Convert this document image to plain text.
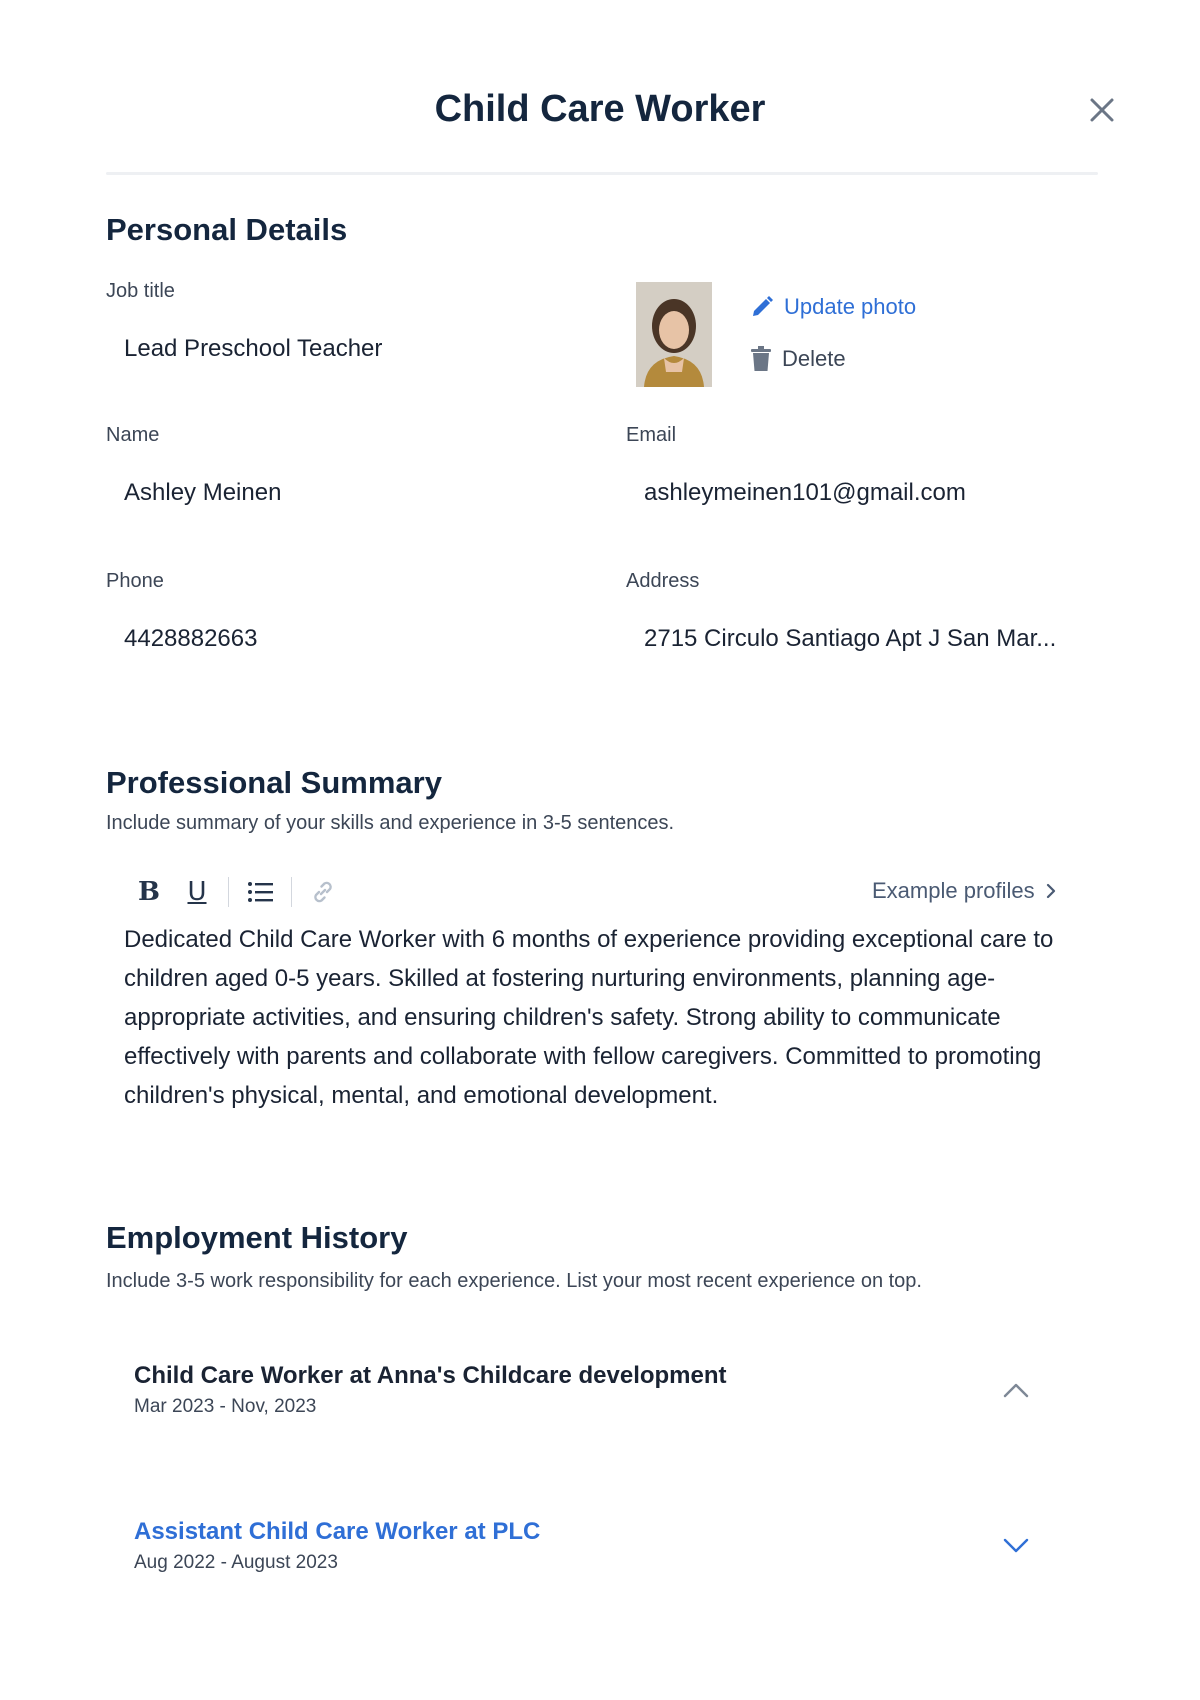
Child Care Worker
Personal Details
Job title
Lead Preschool Teacher
Update photo
Delete
Name
Ashley Meinen
Email
ashleymeinen101@gmail.com
Phone
4428882663
Address
2715 Circulo Santiago Apt J San Mar...
Professional Summary
Include summary of your skills and experience in 3-5 sentences.
B U	Example profiles
Dedicated Child Care Worker with 6 months of experience providing exceptional care to children aged 0-5 years. Skilled at fostering nurturing environments, planning age-appropriate activities, and ensuring children's safety. Strong ability to communicate effectively with parents and collaborate with fellow caregivers. Committed to promoting children's physical, mental, and emotional development.
Employment History
Include 3-5 work responsibility for each experience. List your most recent experience on top.
Child Care Worker at Anna's Childcare development
Mar 2023 - Nov, 2023
Assistant Child Care Worker at PLC
Aug 2022 - August 2023
